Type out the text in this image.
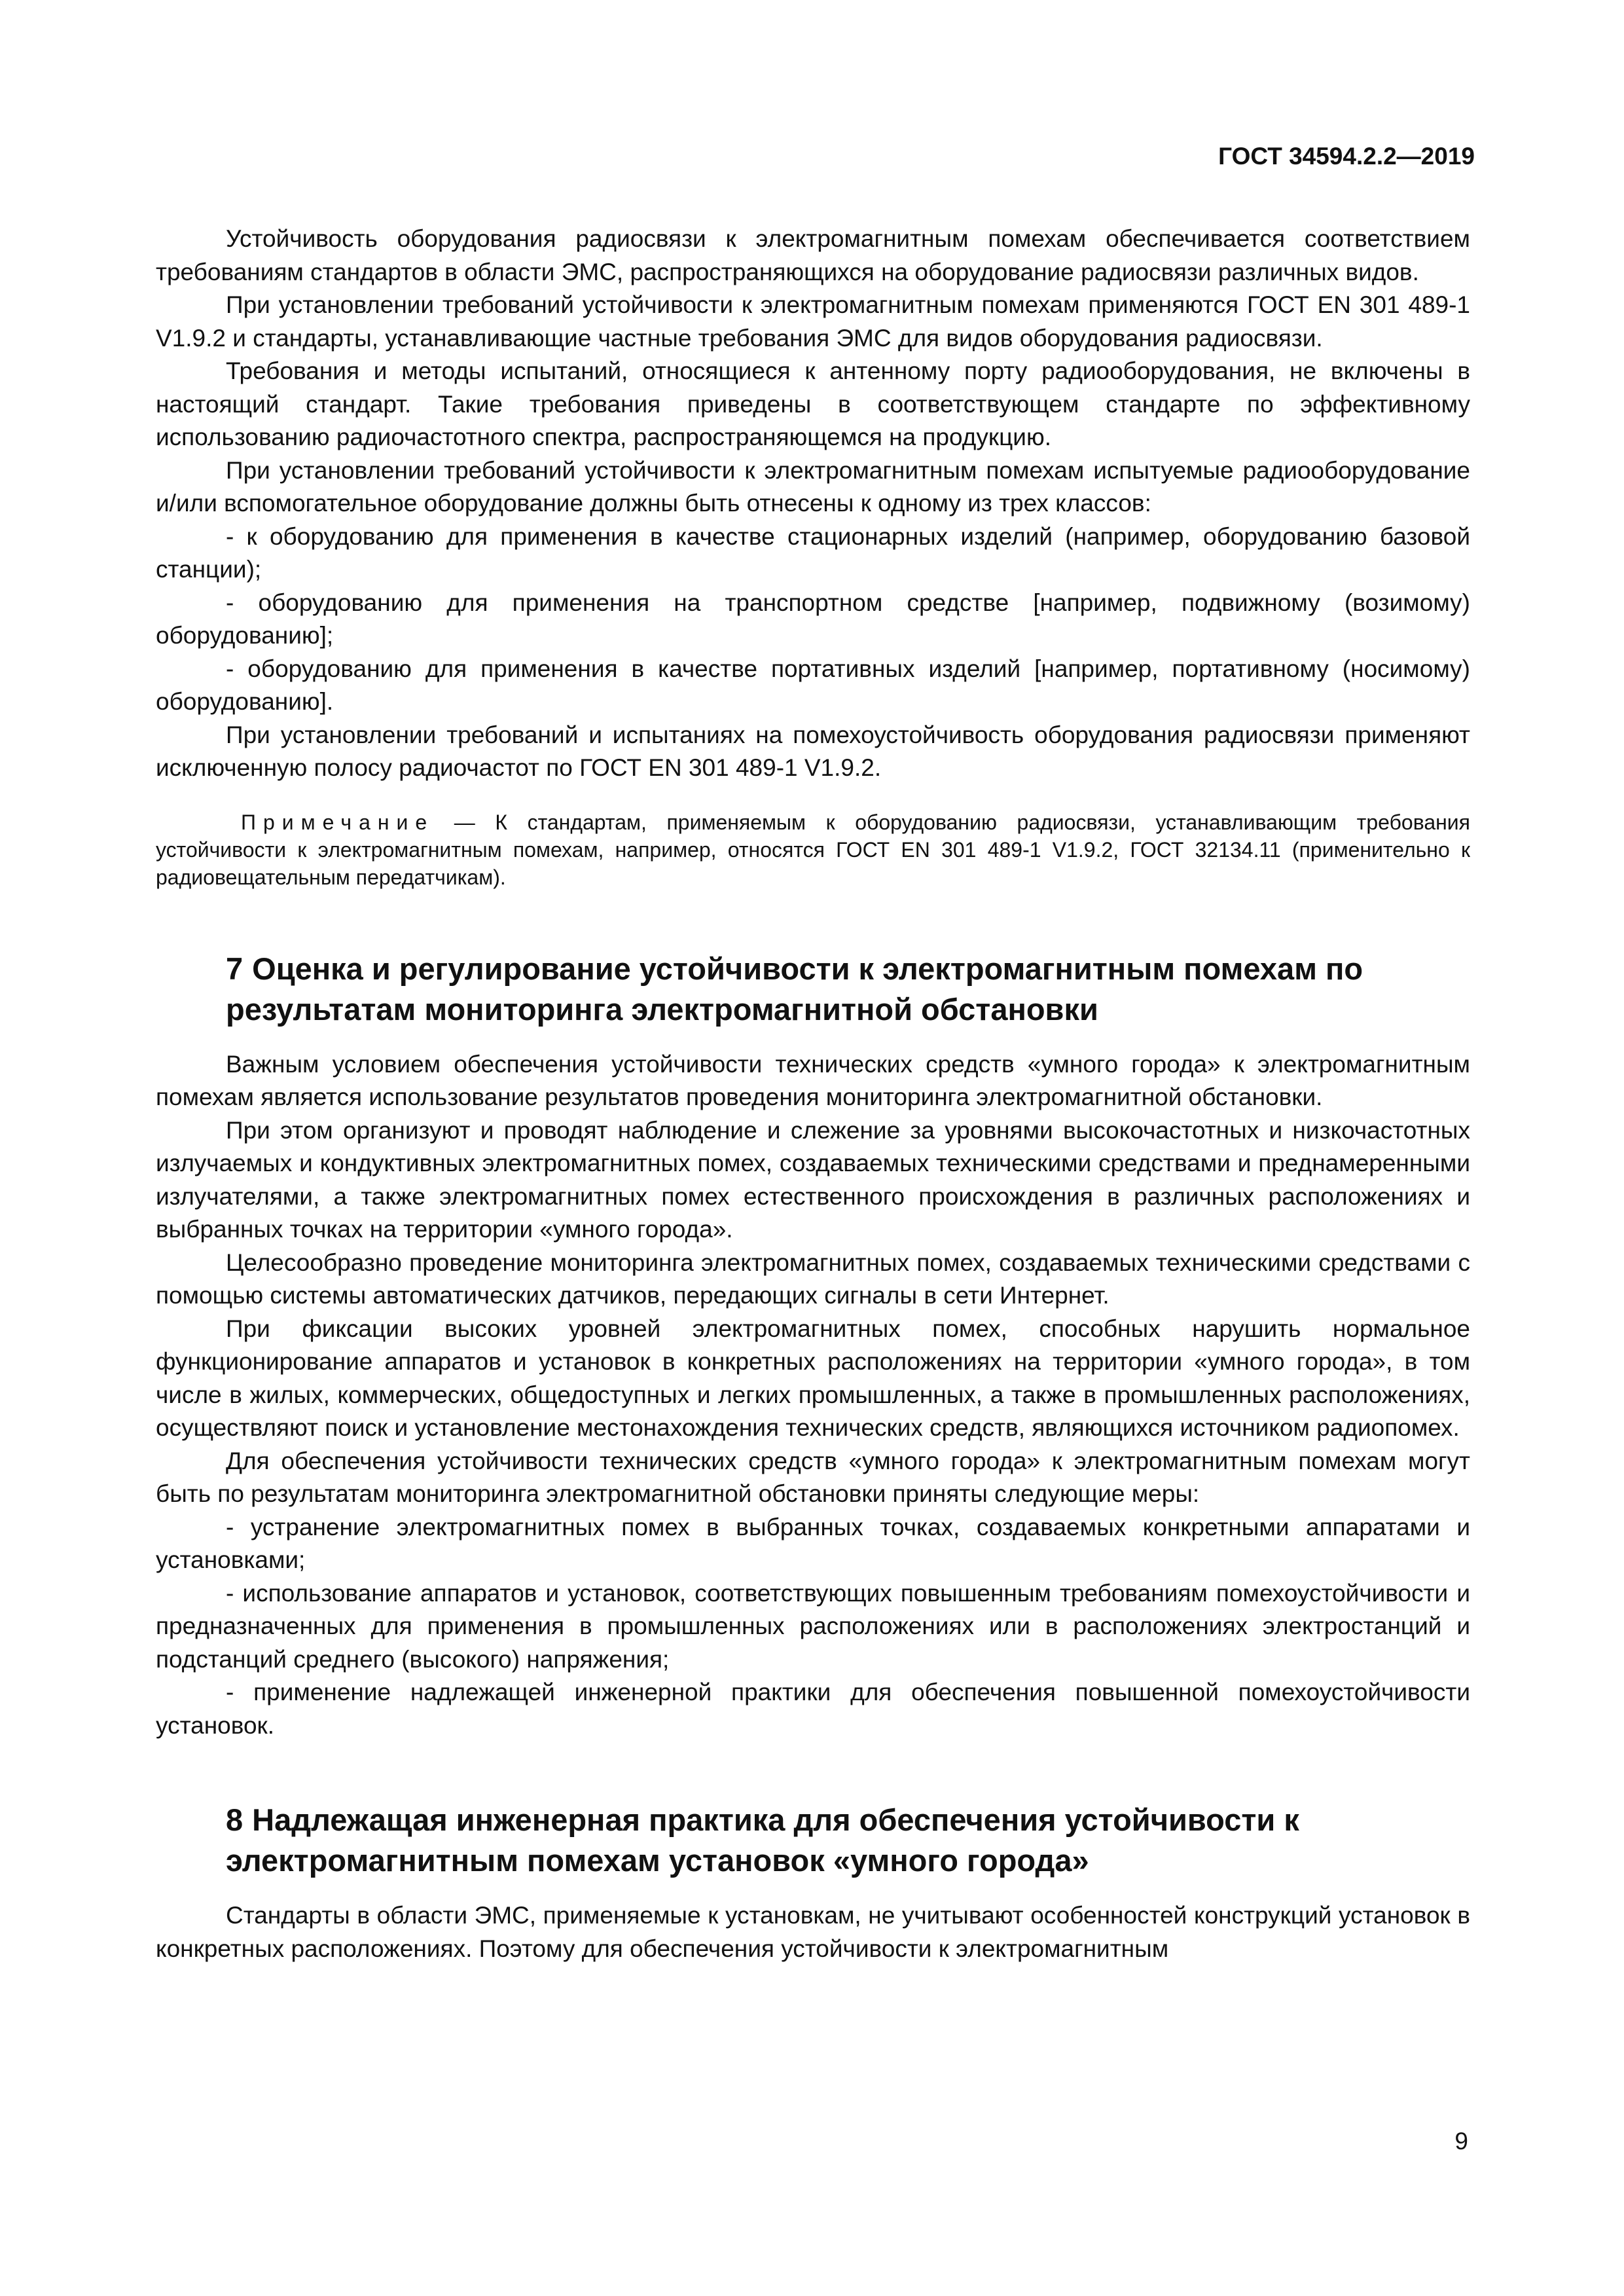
ГОСТ 34594.2.2—2019

Устойчивость оборудования радиосвязи к электромагнитным помехам обеспечивается соответствием требованиям стандартов в области ЭМС, распространяющихся на оборудование радиосвязи различных видов.

При установлении требований устойчивости к электромагнитным помехам применяются ГОСТ EN 301 489-1 V1.9.2 и стандарты, устанавливающие частные требования ЭМС для видов оборудования радиосвязи.

Требования и методы испытаний, относящиеся к антенному порту радиооборудования, не включены в настоящий стандарт. Такие требования приведены в соответствующем стандарте по эффективному использованию радиочастотного спектра, распространяющемся на продукцию.

При установлении требований устойчивости к электромагнитным помехам испытуемые радиооборудование и/или вспомогательное оборудование должны быть отнесены к одному из трех классов:

- к оборудованию для применения в качестве стационарных изделий (например, оборудованию базовой станции);

- оборудованию для применения на транспортном средстве [например, подвижному (возимому) оборудованию];

- оборудованию для применения в качестве портативных изделий [например, портативному (носимому) оборудованию].

При установлении требований и испытаниях на помехоустойчивость оборудования радиосвязи применяют исключенную полосу радиочастот по ГОСТ EN 301 489-1 V1.9.2.

Примечание — К стандартам, применяемым к оборудованию радиосвязи, устанавливающим требования устойчивости к электромагнитным помехам, например, относятся ГОСТ EN 301 489-1 V1.9.2, ГОСТ 32134.11 (применительно к радиовещательным передатчикам).

7 Оценка и регулирование устойчивости к электромагнитным помехам по результатам мониторинга электромагнитной обстановки

Важным условием обеспечения устойчивости технических средств «умного города» к электромагнитным помехам является использование результатов проведения мониторинга электромагнитной обстановки.

При этом организуют и проводят наблюдение и слежение за уровнями высокочастотных и низкочастотных излучаемых и кондуктивных электромагнитных помех, создаваемых техническими средствами и преднамеренными излучателями, а также электромагнитных помех естественного происхождения в различных расположениях и выбранных точках на территории «умного города».

Целесообразно проведение мониторинга электромагнитных помех, создаваемых техническими средствами с помощью системы автоматических датчиков, передающих сигналы в сети Интернет.

При фиксации высоких уровней электромагнитных помех, способных нарушить нормальное функционирование аппаратов и установок в конкретных расположениях на территории «умного города», в том числе в жилых, коммерческих, общедоступных и легких промышленных, а также в промышленных расположениях, осуществляют поиск и установление местонахождения технических средств, являющихся источником радиопомех.

Для обеспечения устойчивости технических средств «умного города» к электромагнитным помехам могут быть по результатам мониторинга электромагнитной обстановки приняты следующие меры:

- устранение электромагнитных помех в выбранных точках, создаваемых конкретными аппаратами и установками;

- использование аппаратов и установок, соответствующих повышенным требованиям помехоустойчивости и предназначенных для применения в промышленных расположениях или в расположениях электростанций и подстанций среднего (высокого) напряжения;

- применение надлежащей инженерной практики для обеспечения повышенной помехоустойчивости установок.

8 Надлежащая инженерная практика для обеспечения устойчивости к электромагнитным помехам установок «умного города»

Стандарты в области ЭМС, применяемые к установкам, не учитывают особенностей конструкций установок в конкретных расположениях. Поэтому для обеспечения устойчивости к электромагнитным

9
